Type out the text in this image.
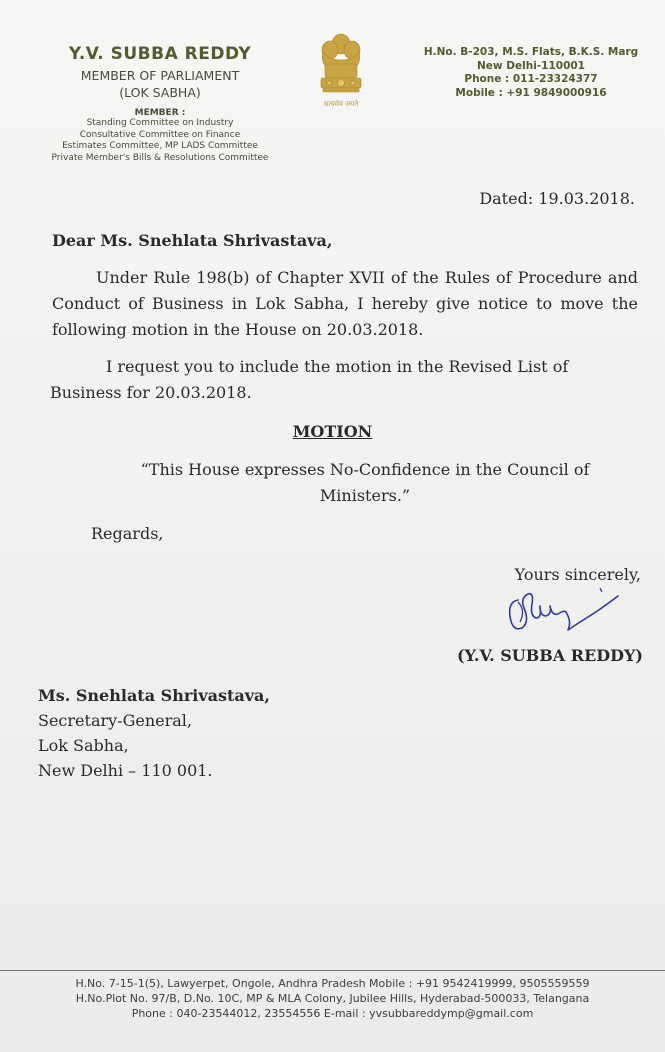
Y.V. SUBBA REDDY
MEMBER OF PARLIAMENT
(LOK SABHA)
MEMBER :
Standing Committee on Industry
Consultative Committee on Finance
Estimates Committee, MP LADS Committee
Private Member's Bills & Resolutions Committee
सत्यमेव जयते
H.No. B-203, M.S. Flats, B.K.S. Marg
New Delhi-110001
Phone : 011-23324377
Mobile : +91 9849000916
Dated: 19.03.2018.
Dear Ms. Snehlata Shrivastava,
Under Rule 198(b) of Chapter XVII of the Rules of Procedure and Conduct of Business in Lok Sabha, I hereby give notice to move the following motion in the House on 20.03.2018.
I request you to include the motion in the Revised List of Business for 20.03.2018.
MOTION
“This House expresses No-Confidence in the Council of Ministers.”
Regards,
Yours sincerely,
(Y.V. SUBBA REDDY)
Ms. Snehlata Shrivastava,
Secretary-General,
Lok Sabha,
New Delhi – 110 001.
H.No. 7-15-1(5), Lawyerpet, Ongole, Andhra Pradesh Mobile : +91 9542419999, 9505559559
H.No.Plot No. 97/B, D.No. 10C, MP & MLA Colony, Jubilee Hills, Hyderabad-500033, Telangana
Phone : 040-23544012, 23554556 E-mail : yvsubbareddymp@gmail.com
